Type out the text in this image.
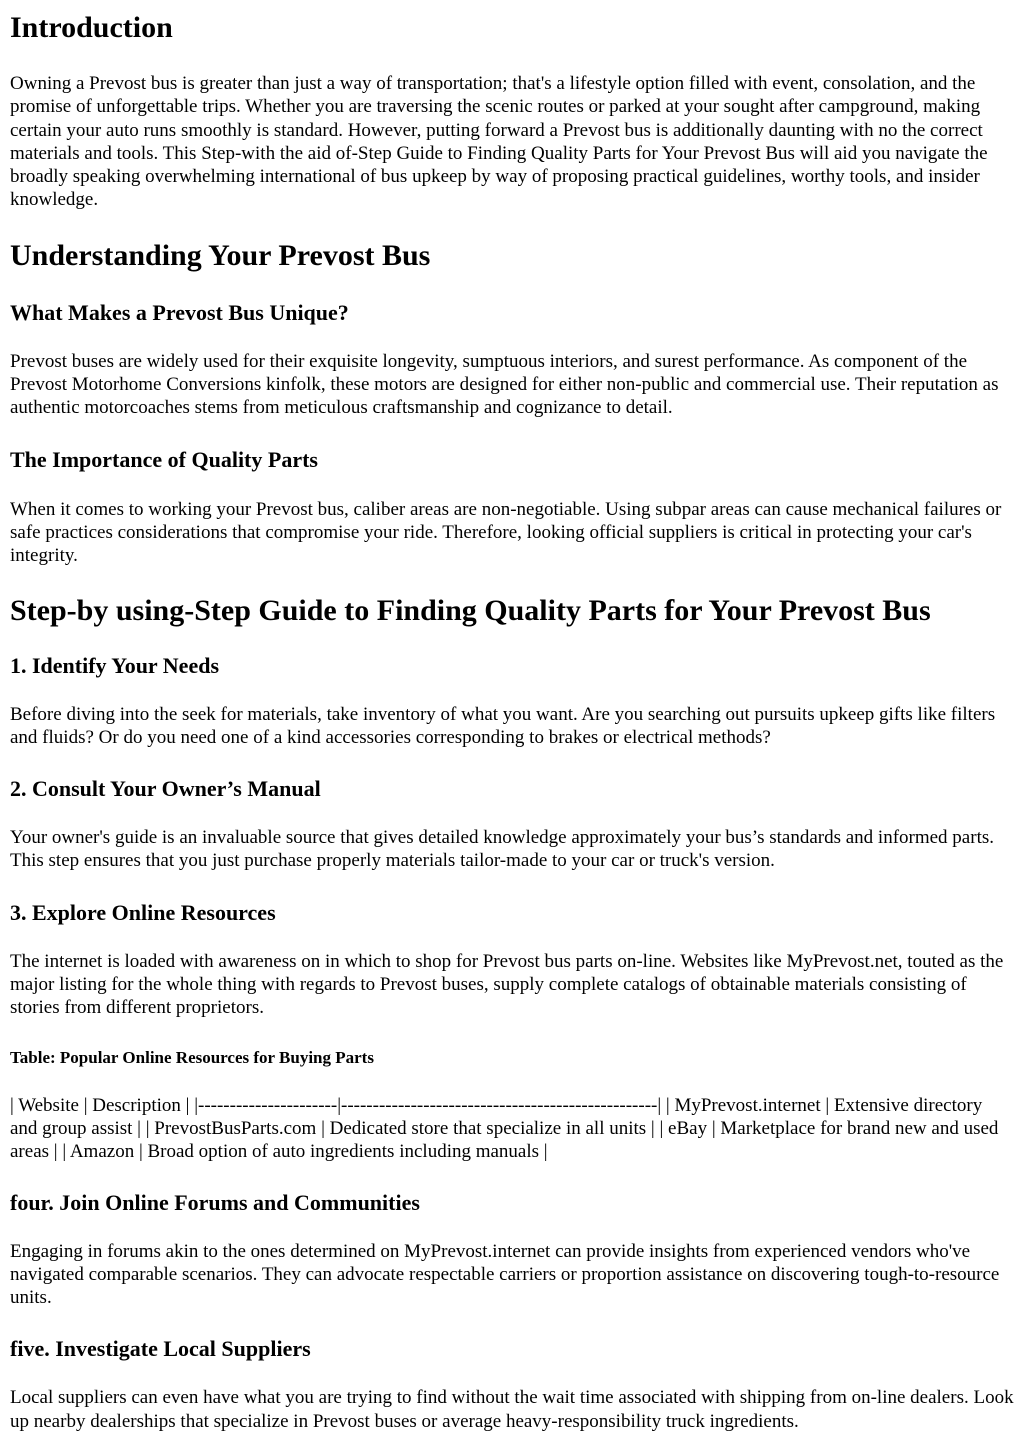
Introduction

Owning a Prevost bus is greater than just a way of transportation; that's a lifestyle option filled with event, consolation, and the promise of unforgettable trips. Whether you are traversing the scenic routes or parked at your sought after campground, making certain your auto runs smoothly is standard. However, putting forward a Prevost bus is additionally daunting with no the correct materials and tools. This Step-with the aid of-Step Guide to Finding Quality Parts for Your Prevost Bus will aid you navigate the broadly speaking overwhelming international of bus upkeep by way of proposing practical guidelines, worthy tools, and insider knowledge.

Understanding Your Prevost Bus
What Makes a Prevost Bus Unique?

Prevost buses are widely used for their exquisite longevity, sumptuous interiors, and surest performance. As component of the Prevost Motorhome Conversions kinfolk, these motors are designed for either non-public and commercial use. Their reputation as authentic motorcoaches stems from meticulous craftsmanship and cognizance to detail.

The Importance of Quality Parts

When it comes to working your Prevost bus, caliber areas are non-negotiable. Using subpar areas can cause mechanical failures or safe practices considerations that compromise your ride. Therefore, looking official suppliers is critical in protecting your car's integrity.

Step-by using-Step Guide to Finding Quality Parts for Your Prevost Bus
1. Identify Your Needs

Before diving into the seek for materials, take inventory of what you want. Are you searching out pursuits upkeep gifts like filters and fluids? Or do you need one of a kind accessories corresponding to brakes or electrical methods?

2. Consult Your Owner’s Manual

Your owner's guide is an invaluable source that gives detailed knowledge approximately your bus’s standards and informed parts. This step ensures that you just purchase properly materials tailor-made to your car or truck's version.

3. Explore Online Resources

The internet is loaded with awareness on in which to shop for Prevost bus parts on-line. Websites like MyPrevost.net, touted as the major listing for the whole thing with regards to Prevost buses, supply complete catalogs of obtainable materials consisting of stories from different proprietors.

Table: Popular Online Resources for Buying Parts

| Website | Description | |----------------------|--------------------------------------------------| | MyPrevost.internet | Extensive directory and group assist | | PrevostBusParts.com | Dedicated store that specialize in all units | | eBay | Marketplace for brand new and used areas | | Amazon | Broad option of auto ingredients including manuals |

four. Join Online Forums and Communities

Engaging in forums akin to the ones determined on MyPrevost.internet can provide insights from experienced vendors who've navigated comparable scenarios. They can advocate respectable carriers or proportion assistance on discovering tough-to-resource units.

five. Investigate Local Suppliers

Local suppliers can even have what you are trying to find without the wait time associated with shipping from on-line dealers. Look up nearby dealerships that specialize in Prevost buses or average heavy-responsibility truck ingredients.
